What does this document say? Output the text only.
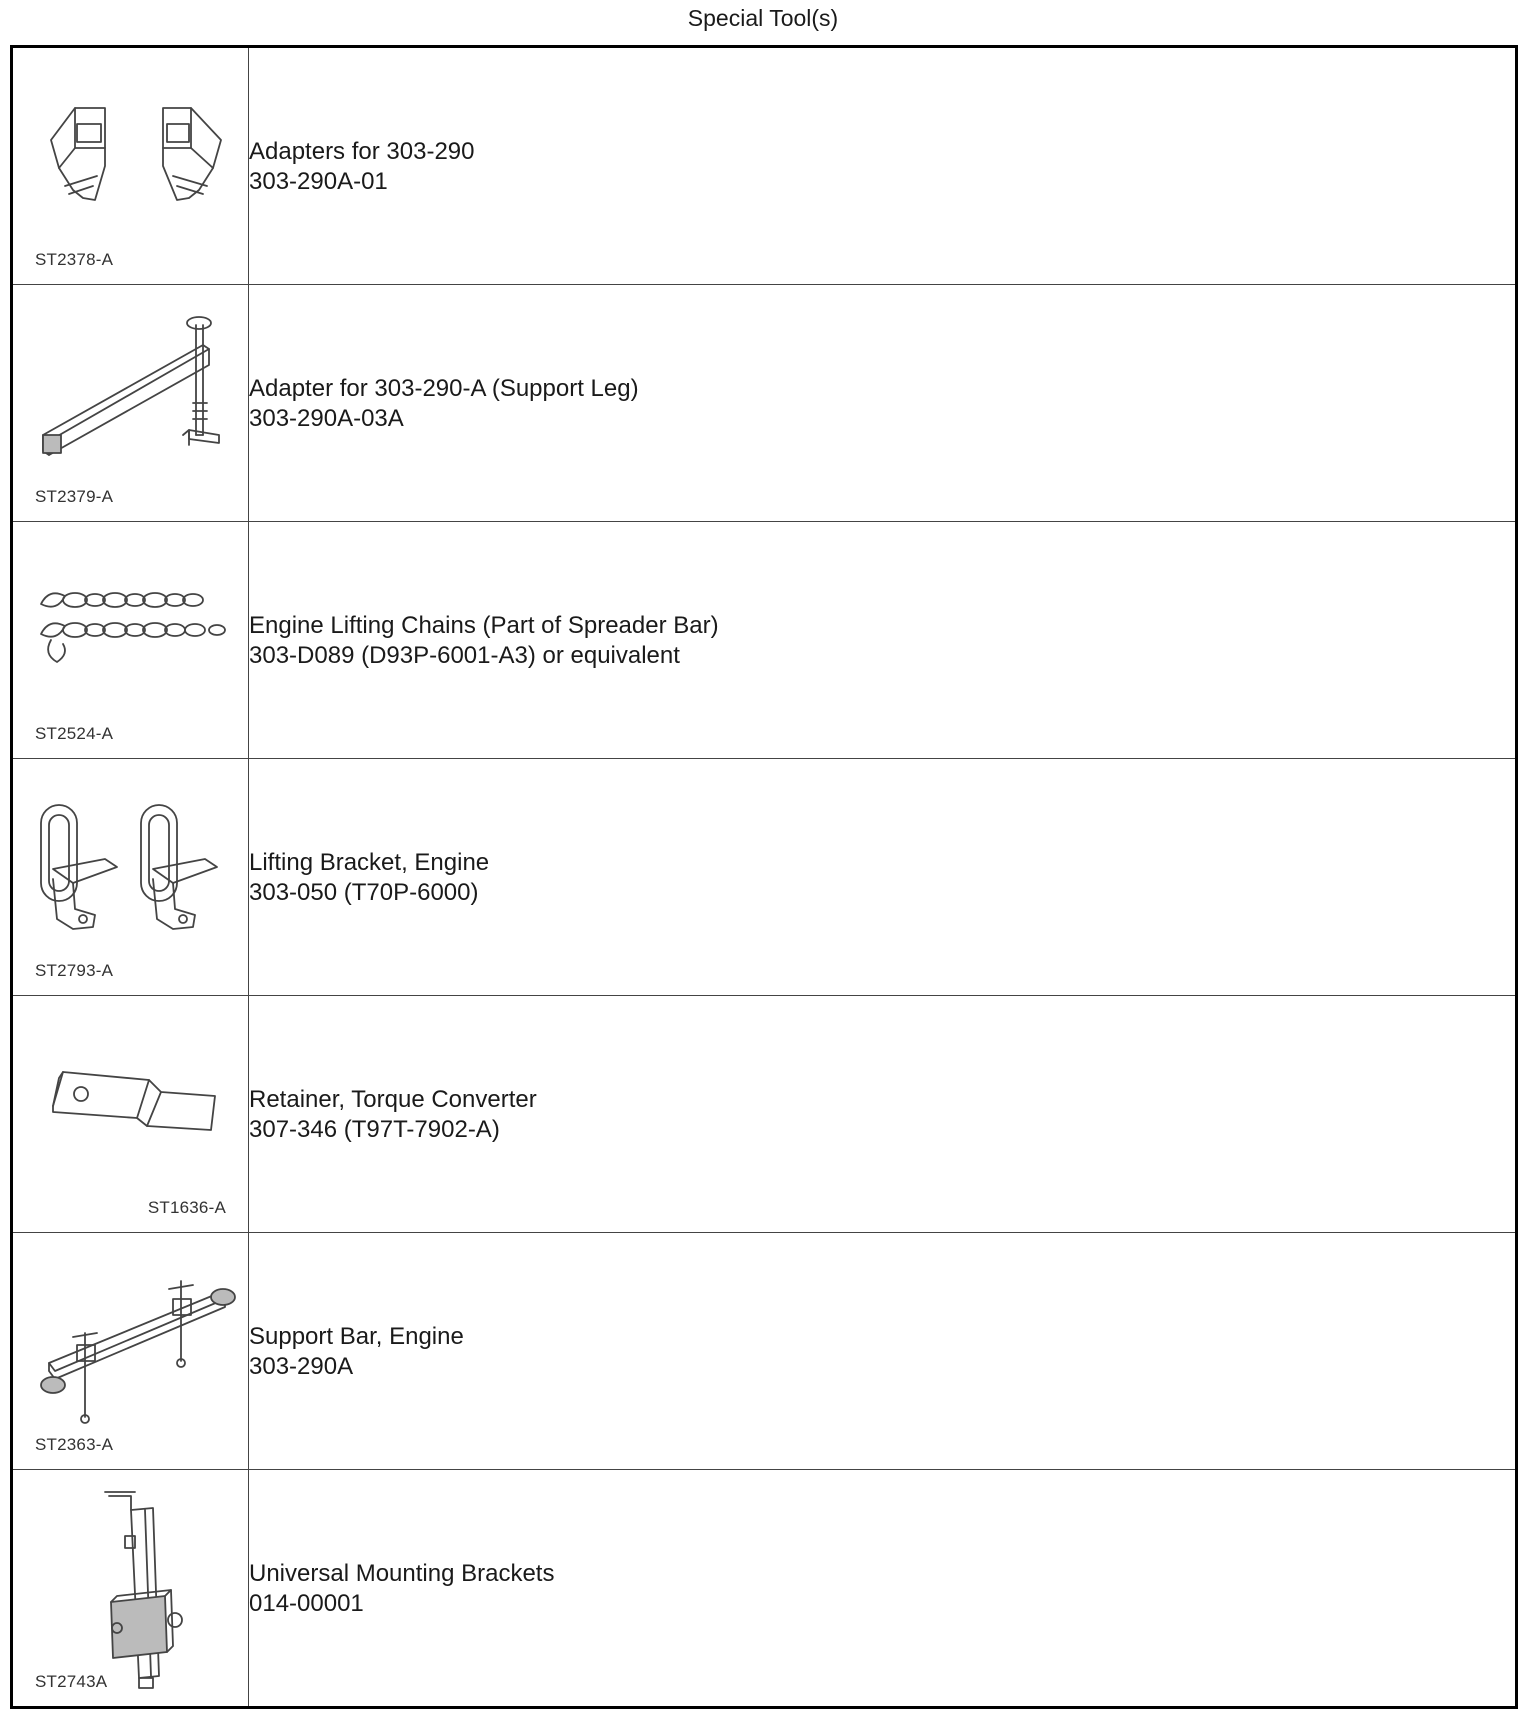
Special Tool(s)
ST2378-A	Adapters for 303-290
303-290A-01

ST2379-A	Adapter for 303-290-A (Support Leg)
303-290A-03A

ST2524-A	Engine Lifting Chains (Part of Spreader Bar)
303-D089 (D93P-6001-A3) or equivalent

ST2793-A	Lifting Bracket, Engine
303-050 (T70P-6000)

ST1636-A	Retainer, Torque Converter
307-346 (T97T-7902-A)

ST2363-A	Support Bar, Engine
303-290A

ST2743A	Universal Mounting Brackets
014-00001
